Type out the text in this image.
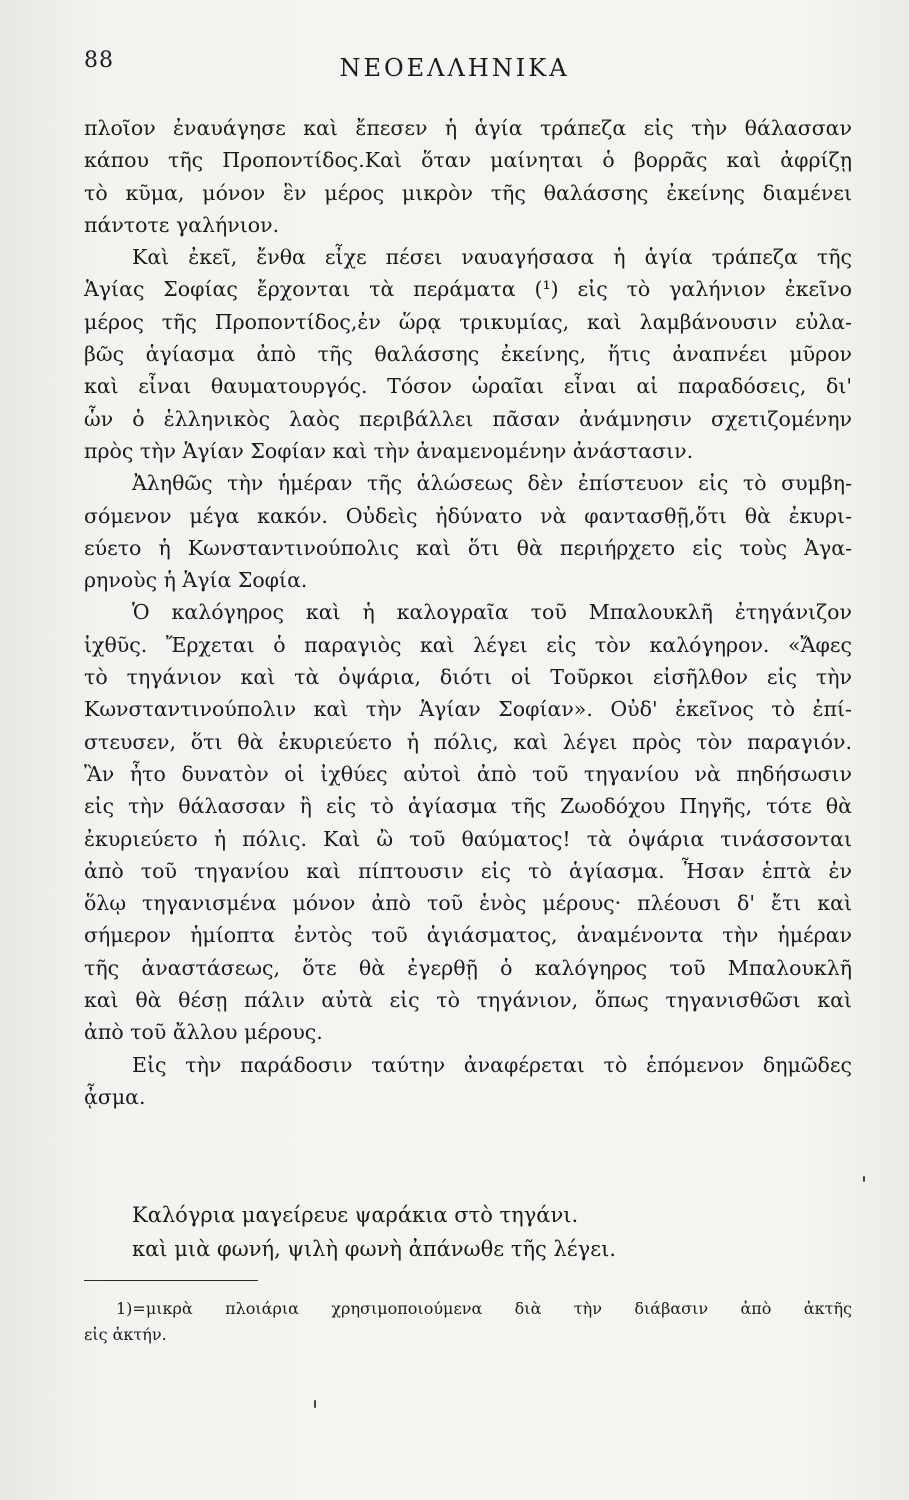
88	ΝΕΟΕΛΛΗΝΙΚΑ
πλοῖον ἐναυάγησε καὶ ἔπεσεν ἡ ἁγία τράπεζα εἰς τὴν θάλασσαν
κάπου τῆς Προποντίδος.Καὶ ὅταν μαίνηται ὁ βορρᾶς καὶ ἀφρίζῃ
τὸ κῦμα, μόνον ἓν μέρος μικρὸν τῆς θαλάσσης ἐκείνης διαμένει
πάντοτε γαλήνιον.
Καὶ ἐκεῖ, ἔνθα εἶχε πέσει ναυαγήσασα ἡ ἁγία τράπεζα τῆς
Ἁγίας Σοφίας ἔρχονται τὰ περάματα (¹) εἰς τὸ γαλήνιον ἐκεῖνο
μέρος τῆς Προποντίδος,ἐν ὥρᾳ τρικυμίας, καὶ λαμβάνουσιν εὐλα-
βῶς ἁγίασμα ἀπὸ τῆς θαλάσσης ἐκείνης, ἥτις ἀναπνέει μῦρον
καὶ εἶναι θαυματουργός. Τόσον ὡραῖαι εἶναι αἱ παραδόσεις, δι'
ὧν ὁ ἑλληνικὸς λαὸς περιβάλλει πᾶσαν ἀνάμνησιν σχετιζομένην
πρὸς τὴν Ἁγίαν Σοφίαν καὶ τὴν ἀναμενομένην ἀνάστασιν.
Ἀληθῶς τὴν ἡμέραν τῆς ἁλώσεως δὲν ἐπίστευον εἰς τὸ συμβη-
σόμενον μέγα κακόν. Οὐδεὶς ἠδύνατο νὰ φαντασθῇ,ὅτι θὰ ἐκυρι-
εύετο ἡ Κωνσταντινούπολις καὶ ὅτι θὰ περιήρχετο εἰς τοὺς Ἀγα-
ρηνοὺς ἡ Ἁγία Σοφία.
Ὁ καλόγηρος καὶ ἡ καλογραῖα τοῦ Μπαλουκλῆ ἐτηγάνιζον
ἰχθῦς. Ἔρχεται ὁ παραγιὸς καὶ λέγει εἰς τὸν καλόγηρον. «Ἄφες
τὸ τηγάνιον καὶ τὰ ὀψάρια, διότι οἱ Τοῦρκοι εἰσῆλθον εἰς τὴν
Κωνσταντινούπολιν καὶ τὴν Ἁγίαν Σοφίαν». Οὐδ' ἐκεῖνος τὸ ἐπί-
στευσεν, ὅτι θὰ ἐκυριεύετο ἡ πόλις, καὶ λέγει πρὸς τὸν παραγιόν.
Ἂν ἦτο δυνατὸν οἱ ἰχθύες αὐτοὶ ἀπὸ τοῦ τηγανίου νὰ πηδήσωσιν
εἰς τὴν θάλασσαν ἢ εἰς τὸ ἁγίασμα τῆς Ζωοδόχου Πηγῆς, τότε θὰ
ἐκυριεύετο ἡ πόλις. Καὶ ὢ τοῦ θαύματος! τὰ ὀψάρια τινάσσονται
ἀπὸ τοῦ τηγανίου καὶ πίπτουσιν εἰς τὸ ἁγίασμα. Ἦσαν ἑπτὰ ἐν
ὅλῳ τηγανισμένα μόνον ἀπὸ τοῦ ἑνὸς μέρους· πλέουσι δ' ἔτι καὶ
σήμερον ἡμίοπτα ἐντὸς τοῦ ἁγιάσματος, ἀναμένοντα τὴν ἡμέραν
τῆς ἀναστάσεως, ὅτε θὰ ἐγερθῇ ὁ καλόγηρος τοῦ Μπαλουκλῆ
καὶ θὰ θέσῃ πάλιν αὐτὰ εἰς τὸ τηγάνιον, ὅπως τηγανισθῶσι καὶ
ἀπὸ τοῦ ἄλλου μέρους.
Εἰς τὴν παράδοσιν ταύτην ἀναφέρεται τὸ ἑπόμενον δημῶδες
ᾆσμα.
Καλόγρια μαγείρευε ψαράκια στὸ τηγάνι.
καὶ μιὰ φωνή, ψιλὴ φωνὴ ἀπάνωθε τῆς λέγει.
1)=μικρὰ πλοιάρια χρησιμοποιούμενα διὰ τὴν διάβασιν ἀπὸ ἀκτῆς
εἰς ἀκτήν.
